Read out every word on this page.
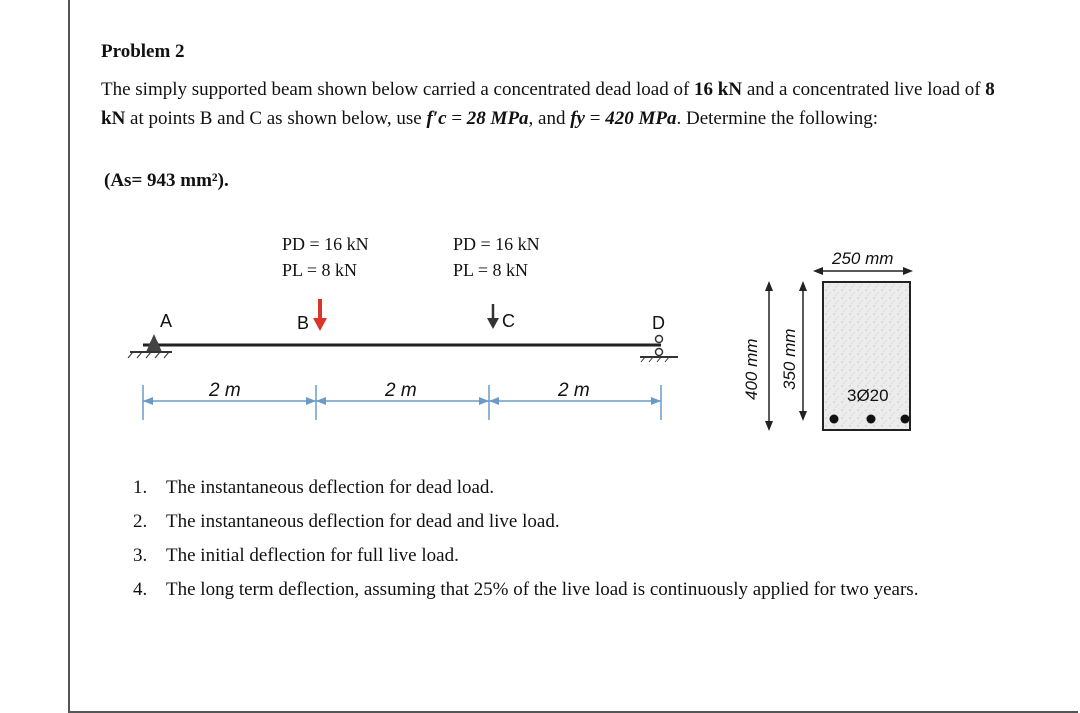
Problem 2
The simply supported beam shown below carried a concentrated dead load of 16 kN and a concentrated live load of 8 kN at points B and C as shown below, use f′c = 28 MPa, and fy = 420 MPa. Determine the following:
(As= 943 mm²).
PD = 16 kN
PL = 8 kN
PD = 16 kN
PL = 8 kN
A	B	C	D
2 m	2 m	2 m
250 mm
400 mm 350 mm
3Ø20
1. The instantaneous deflection for dead load.
2. The instantaneous deflection for dead and live load.
3. The initial deflection for full live load.
4. The long term deflection, assuming that 25% of the live load is continuously applied for two years.
